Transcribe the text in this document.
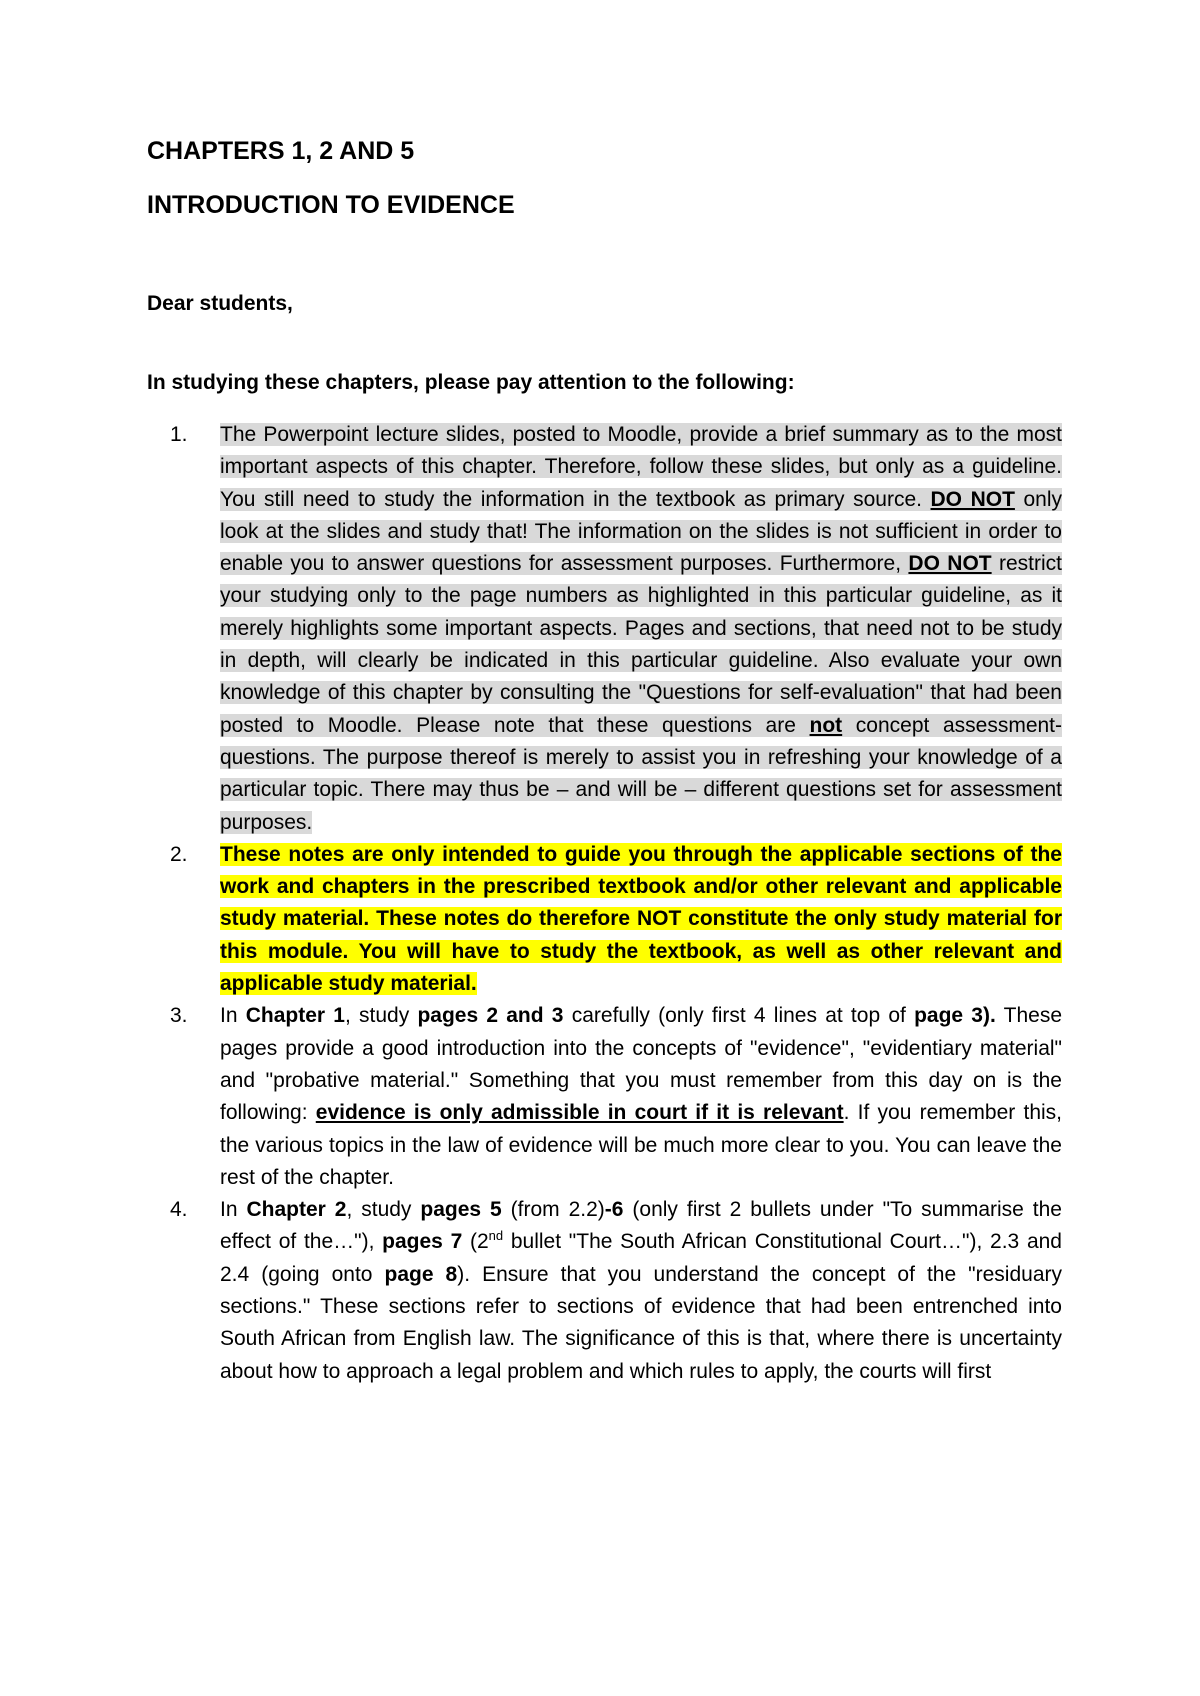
CHAPTERS 1, 2 AND 5
INTRODUCTION TO EVIDENCE

Dear students,

In studying these chapters, please pay attention to the following:

1. The Powerpoint lecture slides, posted to Moodle, provide a brief summary as to the most important aspects of this chapter. Therefore, follow these slides, but only as a guideline. You still need to study the information in the textbook as primary source. DO NOT only look at the slides and study that! The information on the slides is not sufficient in order to enable you to answer questions for assessment purposes. Furthermore, DO NOT restrict your studying only to the page numbers as highlighted in this particular guideline, as it merely highlights some important aspects. Pages and sections, that need not to be study in depth, will clearly be indicated in this particular guideline. Also evaluate your own knowledge of this chapter by consulting the "Questions for self-evaluation" that had been posted to Moodle. Please note that these questions are not concept assessment-questions. The purpose thereof is merely to assist you in refreshing your knowledge of a particular topic. There may thus be – and will be – different questions set for assessment purposes.
2. These notes are only intended to guide you through the applicable sections of the work and chapters in the prescribed textbook and/or other relevant and applicable study material. These notes do therefore NOT constitute the only study material for this module. You will have to study the textbook, as well as other relevant and applicable study material.
3. In Chapter 1, study pages 2 and 3 carefully (only first 4 lines at top of page 3). These pages provide a good introduction into the concepts of "evidence", "evidentiary material" and "probative material." Something that you must remember from this day on is the following: evidence is only admissible in court if it is relevant. If you remember this, the various topics in the law of evidence will be much more clear to you. You can leave the rest of the chapter.
4. In Chapter 2, study pages 5 (from 2.2)-6 (only first 2 bullets under "To summarise the effect of the…"), pages 7 (2nd bullet "The South African Constitutional Court…"), 2.3 and 2.4 (going onto page 8). Ensure that you understand the concept of the "residuary sections." These sections refer to sections of evidence that had been entrenched into South African from English law. The significance of this is that, where there is uncertainty about how to approach a legal problem and which rules to apply, the courts will first
